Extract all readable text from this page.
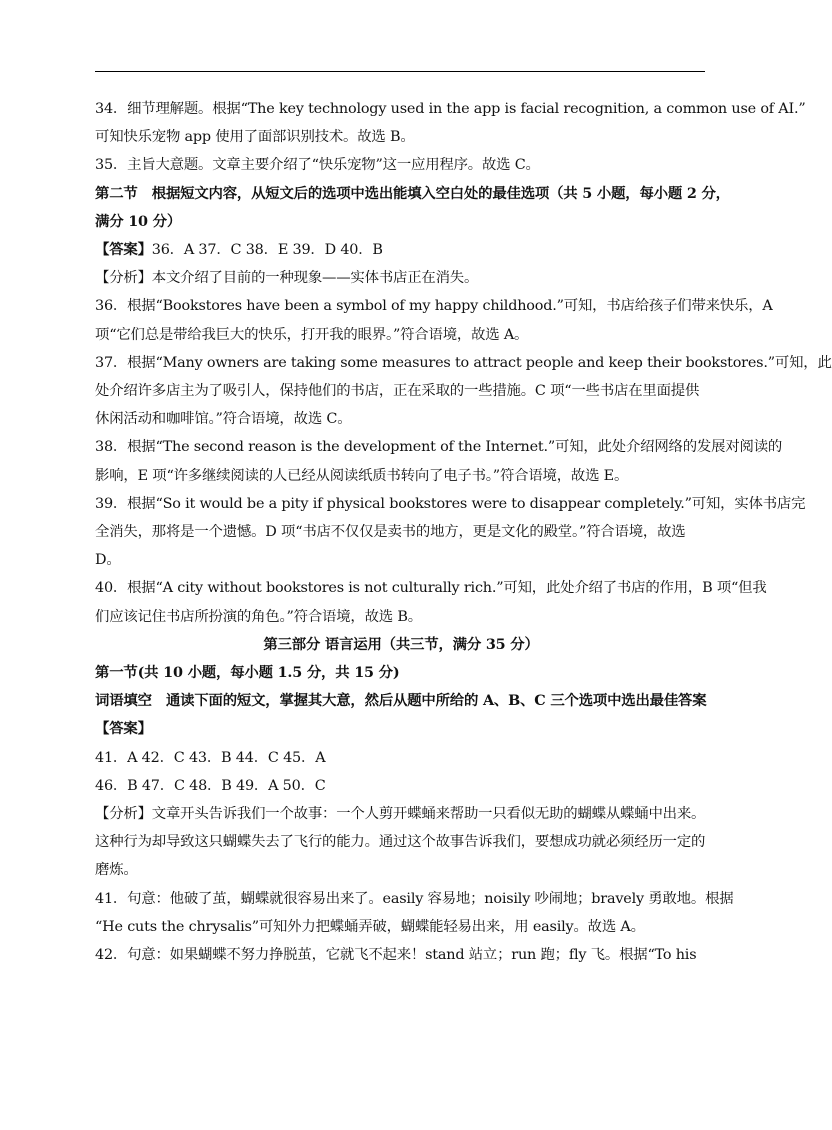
34．细节理解题。根据“The key technology used in the app is facial recognition, a common use of AI.”
可知快乐宠物 app 使用了面部识别技术。故选 B。
35．主旨大意题。文章主要介绍了“快乐宠物”这一应用程序。故选 C。
第二节　根据短文内容，从短文后的选项中选出能填入空白处的最佳选项（共 5 小题，每小题 2 分，
满分 10 分）
【答案】36．A 37．C 38．E 39．D 40．B
【分析】本文介绍了目前的一种现象——实体书店正在消失。
36．根据“Bookstores have been a symbol of my happy childhood.”可知，书店给孩子们带来快乐，A
项“它们总是带给我巨大的快乐，打开我的眼界。”符合语境，故选 A。
37．根据“Many owners are taking some measures to attract people and keep their bookstores.”可知，此
处介绍许多店主为了吸引人，保持他们的书店，正在采取的一些措施。C 项“一些书店在里面提供
休闲活动和咖啡馆。”符合语境，故选 C。
38．根据“The second reason is the development of the Internet.”可知，此处介绍网络的发展对阅读的
影响，E 项“许多继续阅读的人已经从阅读纸质书转向了电子书。”符合语境，故选 E。
39．根据“So it would be a pity if physical bookstores were to disappear completely.”可知，实体书店完
全消失，那将是一个遗憾。D 项“书店不仅仅是卖书的地方，更是文化的殿堂。”符合语境，故选
D。
40．根据“A city without bookstores is not culturally rich.”可知，此处介绍了书店的作用，B 项“但我
们应该记住书店所扮演的角色。”符合语境，故选 B。
第三部分 语言运用（共三节，满分 35 分）
第一节(共 10 小题，每小题 1.5 分，共 15 分)
词语填空　通读下面的短文，掌握其大意，然后从题中所给的 A、B、C 三个选项中选出最佳答案
【答案】
41．A 42．C 43．B 44．C 45．A
46．B 47．C 48．B 49．A 50．C
【分析】文章开头告诉我们一个故事：一个人剪开蝶蛹来帮助一只看似无助的蝴蝶从蝶蛹中出来。
这种行为却导致这只蝴蝶失去了飞行的能力。通过这个故事告诉我们，要想成功就必须经历一定的
磨炼。
41．句意：他破了茧，蝴蝶就很容易出来了。easily 容易地；noisily 吵闹地；bravely 勇敢地。根据
“He cuts the chrysalis”可知外力把蝶蛹弄破，蝴蝶能轻易出来，用 easily。故选 A。
42．句意：如果蝴蝶不努力挣脱茧，它就飞不起来！stand 站立；run 跑；fly 飞。根据“To his
